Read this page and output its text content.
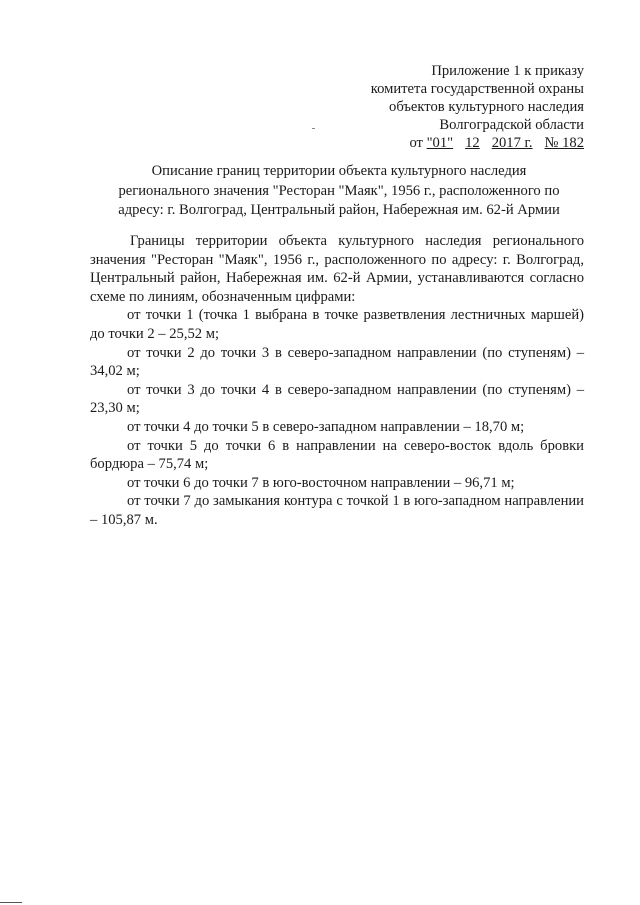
Приложение 1 к приказу
комитета государственной охраны
объектов культурного наследия
Волгоградской области
от "01" 12 2017 г. № 182
Описание границ территории объекта культурного наследия
регионального значения "Ресторан "Маяк", 1956 г., расположенного по
адресу: г. Волгоград, Центральный район, Набережная им. 62-й Армии

Границы территории объекта культурного наследия регионального значения "Ресторан "Маяк", 1956 г., расположенного по адресу: г. Волгоград, Центральный район, Набережная им. 62-й Армии, устанавливаются согласно схеме по линиям, обозначенным цифрами:

от точки 1 (точка 1 выбрана в точке разветвления лестничных маршей) до точки 2 – 25,52 м;

от точки 2 до точки 3 в северо-западном направлении (по ступеням) – 34,02 м;

от точки 3 до точки 4 в северо-западном направлении (по ступеням) – 23,30 м;

от точки 4 до точки 5 в северо-западном направлении – 18,70 м;

от точки 5 до точки 6 в направлении на северо-восток вдоль бровки бордюра – 75,74 м;

от точки 6 до точки 7 в юго-восточном направлении – 96,71 м;

от точки 7 до замыкания контура с точкой 1 в юго-западном направлении – 105,87 м.
